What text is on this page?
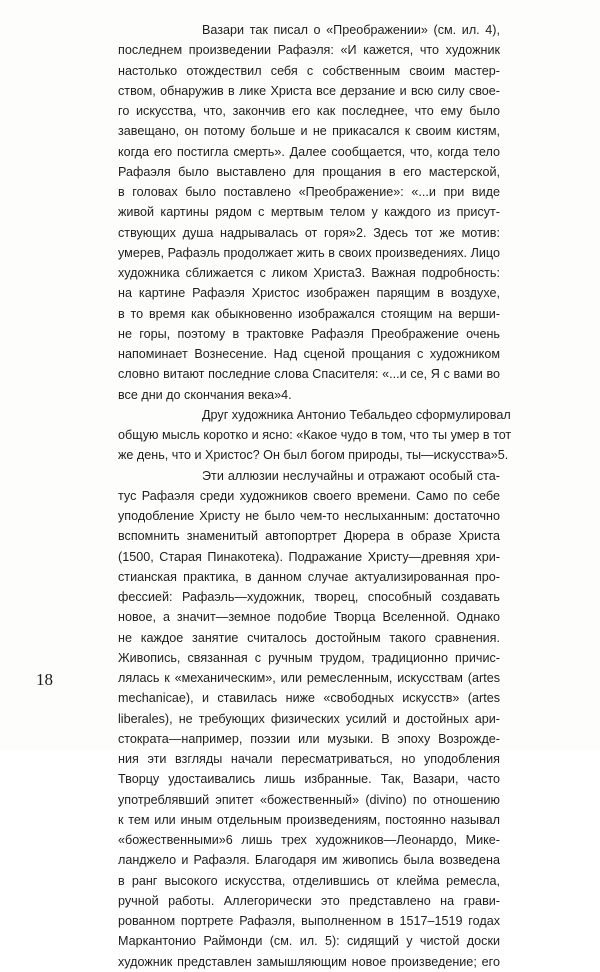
Вазари так писал о «Преображении» (см. ил. 4),
последнем произведении Рафаэля: «И кажется, что художник
настолько отождествил себя с собственным своим мастер-
ством, обнаружив в лике Христа все дерзание и всю силу свое-
го искусства, что, закончив его как последнее, что ему было
завещано, он потому больше и не прикасался к своим кистям,
когда его постигла смерть». Далее сообщается, что, когда тело
Рафаэля было выставлено для прощания в его мастерской,
в головах было поставлено «Преображение»: «...и при виде
живой картины рядом с мертвым телом у каждого из присут-
ствующих душа надрывалась от горя»2. Здесь тот же мотив:
умерев, Рафаэль продолжает жить в своих произведениях. Лицо
художника сближается с ликом Христа3. Важная подробность:
на картине Рафаэля Христос изображен парящим в воздухе,
в то время как обыкновенно изображался стоящим на верши-
не горы, поэтому в трактовке Рафаэля Преображение очень
напоминает Вознесение. Над сценой прощания с художником
словно витают последние слова Спасителя: «...и се, Я с вами во
все дни до скончания века»4.
Друг художника Антонио Тебальдео сформулировал
общую мысль коротко и ясно: «Какое чудо в том, что ты умер в тот
же день, что и Христос? Он был богом природы, ты—искусства»5.
Эти аллюзии неслучайны и отражают особый ста-
тус Рафаэля среди художников своего времени. Само по себе
уподобление Христу не было чем-то неслыханным: достаточно
вспомнить знаменитый автопортрет Дюрера в образе Христа
(1500, Старая Пинакотека). Подражание Христу—древняя хри-
стианская практика, в данном случае актуализированная про-
фессией: Рафаэль—художник, творец, способный создавать
новое, а значит—земное подобие Творца Вселенной. Однако
не каждое занятие считалось достойным такого сравнения.
Живопись, связанная с ручным трудом, традиционно причис-
лялась к «механическим», или ремесленным, искусствам (artes
mechanicae), и ставилась ниже «свободных искусств» (artes
liberales), не требующих физических усилий и достойных ари-
стократа—например, поэзии или музыки. В эпоху Возрожде-
ния эти взгляды начали пересматриваться, но уподобления
Творцу удостаивались лишь избранные. Так, Вазари, часто
употреблявший эпитет «божественный» (divino) по отношению
к тем или иным отдельным произведениям, постоянно называл
«божественными»6 лишь трех художников—Леонардо, Мике-
ланджело и Рафаэля. Благодаря им живопись была возведена
в ранг высокого искусства, отделившись от клейма ремесла,
ручной работы. Аллегорически это представлено на грави-
рованном портрете Рафаэля, выполненном в 1517–1519 годах
Маркантонио Раймонди (см. ил. 5): сидящий у чистой доски
художник представлен замышляющим новое произведение; его
18
